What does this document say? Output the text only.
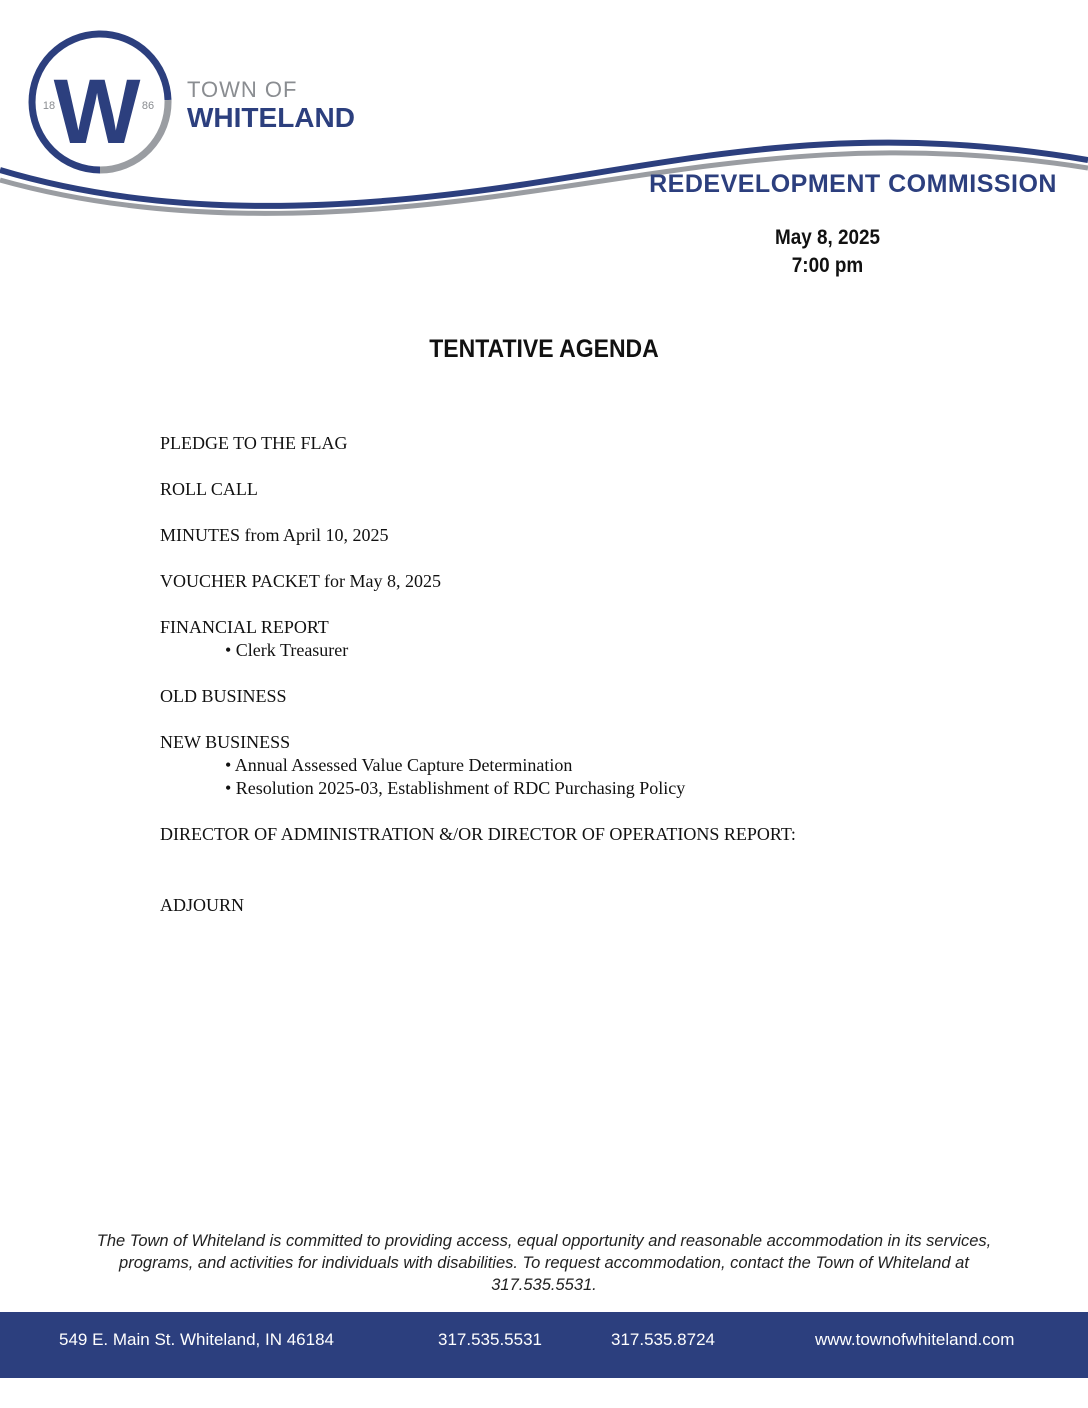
W
18	86
TOWN OF
WHITELAND
REDEVELOPMENT COMMISSION
May 8, 2025
7:00 pm
TENTATIVE AGENDA
PLEDGE TO THE FLAG
ROLL CALL
MINUTES from April 10, 2025
VOUCHER PACKET for May 8, 2025
FINANCIAL REPORT
• Clerk Treasurer
OLD BUSINESS
NEW BUSINESS
• Annual Assessed Value Capture Determination
• Resolution 2025-03, Establishment of RDC Purchasing Policy
DIRECTOR OF ADMINISTRATION &/OR DIRECTOR OF OPERATIONS REPORT:
ADJOURN
The Town of Whiteland is committed to providing access, equal opportunity and reasonable accommodation in its services,
programs, and activities for individuals with disabilities. To request accommodation, contact the Town of Whiteland at
317.535.5531.
549 E. Main St. Whiteland, IN 46184	317.535.5531	317.535.8724	www.townofwhiteland.com
